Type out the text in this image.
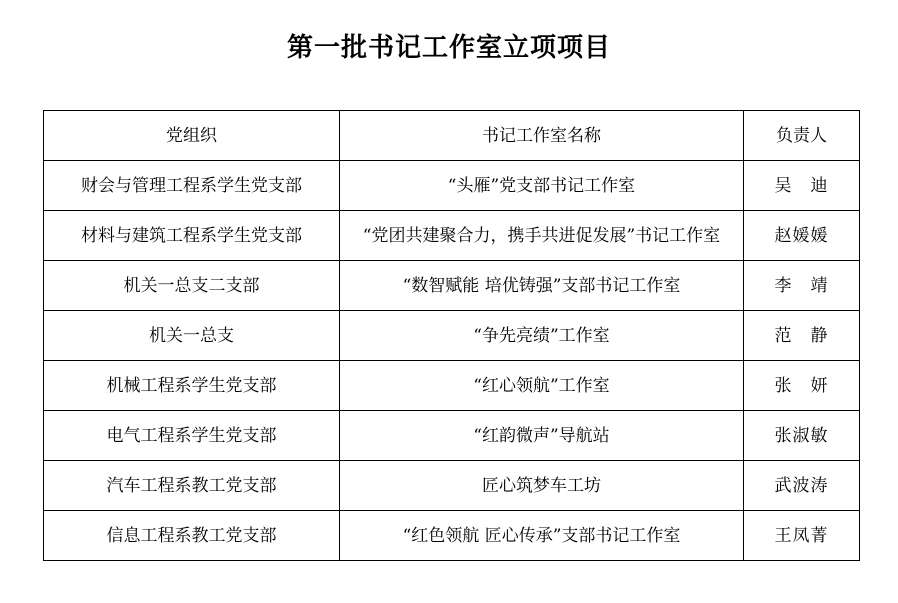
第一批书记工作室立项项目
党组织	书记工作室名称	负责人
财会与管理工程系学生党支部	“头雁”党支部书记工作室	吴　迪
材料与建筑工程系学生党支部	“党团共建聚合力，携手共进促发展”书记工作室	赵媛媛
机关一总支二支部	“数智赋能 培优铸强”支部书记工作室	李　靖
机关一总支	“争先亮绩”工作室	范　静
机械工程系学生党支部	“红心领航”工作室	张　妍
电气工程系学生党支部	“红韵微声”导航站	张淑敏
汽车工程系教工党支部	匠心筑梦车工坊	武波涛
信息工程系教工党支部	“红色领航 匠心传承”支部书记工作室	王凤菁
